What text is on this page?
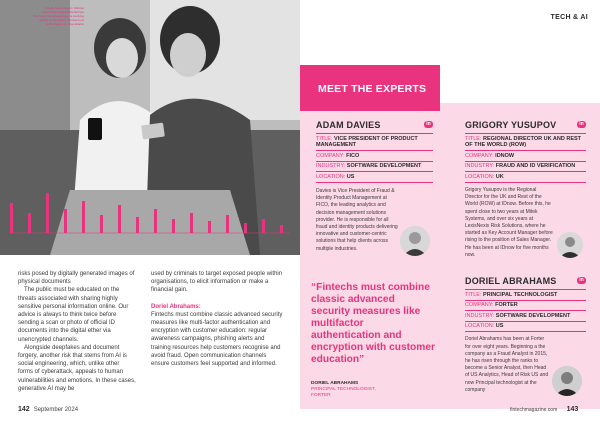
Credit: Adobe Stock / Alfonso
Soler/Getty Images/iStockphoto
The cyber threat landscape is evolving
rapidly as fraudsters harness new
technologies to drive attacks

risks posed by digitally generated images of physical documents

The public must be educated on the threats associated with sharing highly sensitive personal information online. Our advice is always to think twice before sending a scan or photo of official ID documents into the digital ether via unencrypted channels.

Alongside deepfakes and document forgery, another risk that stems from AI is social engineering, which, unlike other forms of cyberattack, appeals to human vulnerabilities and emotions. In these cases, generative AI may be

used by criminals to target exposed people within organisations, to elicit information or make a financial gain.

Doriel Abrahams:

Fintechs must combine classic advanced security measures like multi-factor authentication and encryption with customer education: regular awareness campaigns, phishing alerts and training resources help customers recognise and avoid fraud. Open communication channels ensure customers feel supported and informed.

142 September 2024
TECH & AI
MEET THE EXPERTS
ADAM DAVIES	in
TITLE: VICE PRESIDENT OF PRODUCT MANAGEMENT
COMPANY: FICO
INDUSTRY: SOFTWARE DEVELOPMENT
LOCATION: US
Davies is Vice President of Fraud & Identity Product Management at FICO, the leading analytics and decision management solutions provider. He is responsible for all fraud and identity products delivering innovative and customer-centric solutions that help clients across multiple industries.
GRIGORY YUSUPOV	in
TITLE: REGIONAL DIRECTOR UK AND REST OF THE WORLD (ROW)
COMPANY: IDNOW
INDUSTRY: FRAUD AND ID VERIFICATION
LOCATION: UK
Grigory Yusupov is the Regional Director for the UK and Rest of the World (ROW) at IDnow. Before this, he spent close to two years at Mitek Systems, and over six years at LexisNexis Risk Solutions, where he started as Key Account Manager before rising to the position of Sales Manager. He has been at IDnow for five months now.
DORIEL ABRAHAMS	in
TITLE: PRINCIPAL TECHNOLOGIST
COMPANY: FORTER
INDUSTRY: SOFTWARE DEVELOPMENT
LOCATION: US
Doriel Abrahams has been at Forter for over eight years. Beginning a the company as a Fraud Analyst in 2015, he has risen through the ranks to become a Senior Analyst, then Head of US Analytics, Head of Risk US and now Principal technologist at the company
“Fintechs must combine classic advanced security measures like multifactor authentication and encryption with customer education”
DORIEL ABRAHAMS
PRINCIPAL TECHNOLOGIST,
FORTER
fintechmagazine.com 143
